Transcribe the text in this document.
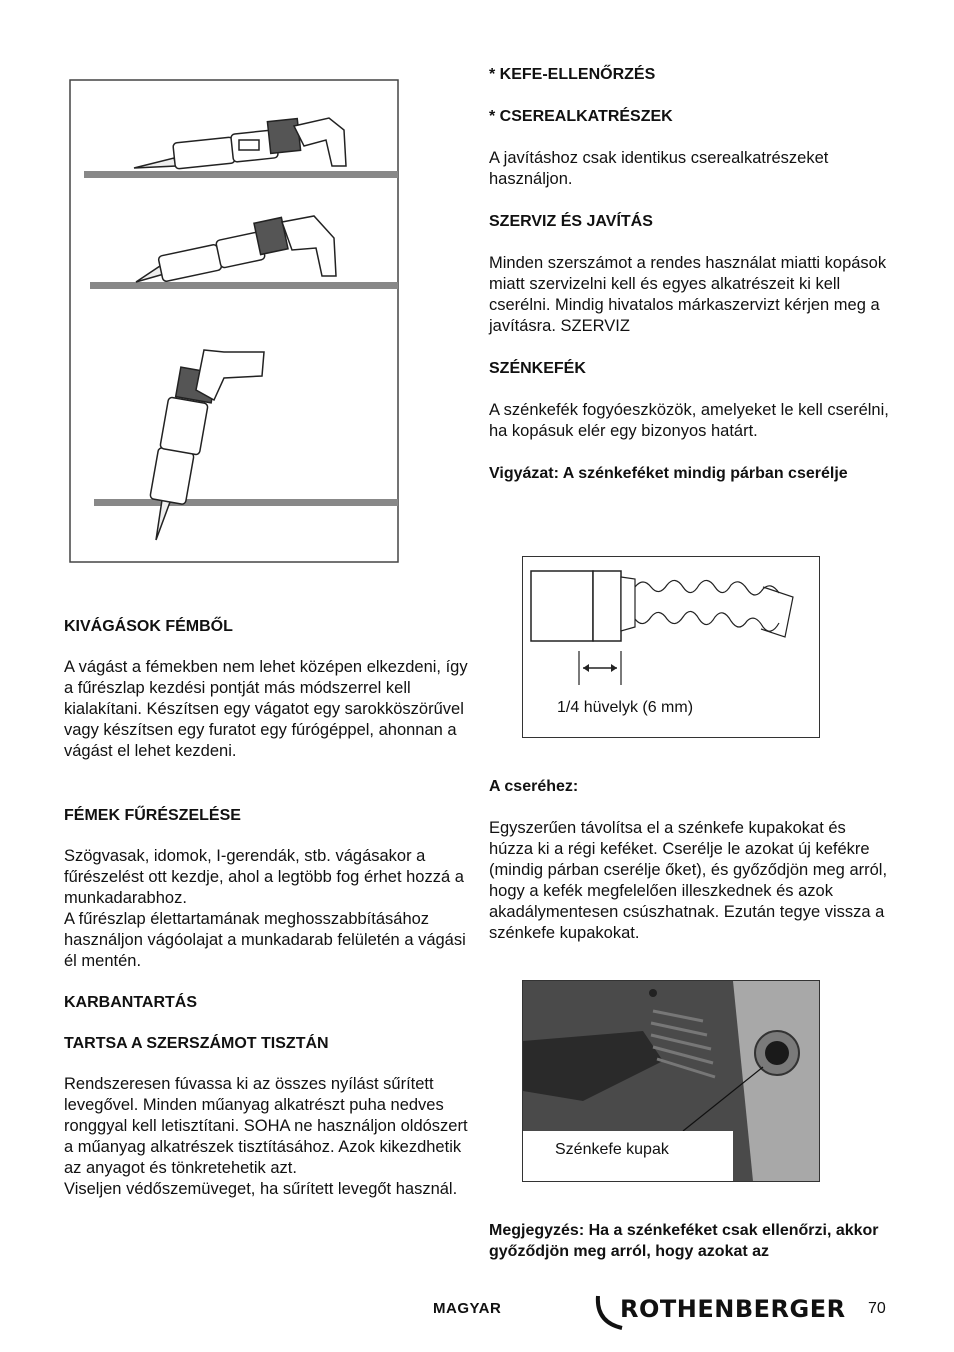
KIVÁGÁSOK FÉMBŐL

A vágást a fémekben nem lehet középen elkezdeni, így a fűrészlap kezdési pontját más módszerrel kell kialakítani. Készítsen egy vágatot egy sarokköszörűvel vagy készítsen egy furatot egy fúrógéppel, ahonnan a vágást el lehet kezdeni.

FÉMEK FŰRÉSZELÉSE

Szögvasak, idomok, I-gerendák, stb. vágásakor a fűrészelést ott kezdje, ahol a legtöbb fog érhet hozzá a munkadarabhoz.

A fűrészlap élettartamának meghosszabbításához használjon vágóolajat a munkadarab felületén a vágási él mentén.

KARBANTARTÁS

TARTSA A SZERSZÁMOT TISZTÁN

Rendszeresen fúvassa ki az összes nyílást sűrített levegővel. Minden műanyag alkatrészt puha nedves ronggyal kell letisztítani. SOHA ne használjon oldószert a műanyag alkatrészek tisztításához. Azok kikezdhetik az anyagot és tönkretehetik azt.

Viseljen védőszemüveget, ha sűrített levegőt használ.

* KEFE-ELLENŐRZÉS

* CSEREALKATRÉSZEK

A javításhoz csak identikus cserealkatrészeket használjon.

SZERVIZ ÉS JAVÍTÁS

Minden szerszámot a rendes használat miatti kopások miatt szervizelni kell és egyes alkatrészeit ki kell cserélni. Mindig hivatalos márkaszervizt kérjen meg a javításra. SZERVIZ

SZÉNKEFÉK

A szénkefék fogyóeszközök, amelyeket le kell cserélni, ha kopásuk elér egy bizonyos határt.

Vigyázat: A szénkeféket mindig párban cserélje

1/4 hüvelyk (6 mm)

A cseréhez:

Egyszerűen távolítsa el a szénkefe kupakokat és húzza ki a régi keféket. Cserélje le azokat új kefékre (mindig párban cserélje őket), és győződjön meg arról, hogy a kefék megfelelően illeszkednek és azok akadálymentesen csúszhatnak. Ezután tegye vissza a szénkefe kupakokat.

Szénkefe kupak

Megjegyzés: Ha a szénkeféket csak ellenőrzi, akkor győződjön meg arról, hogy azokat az

MAGYAR	ROTHENBERGER 70
